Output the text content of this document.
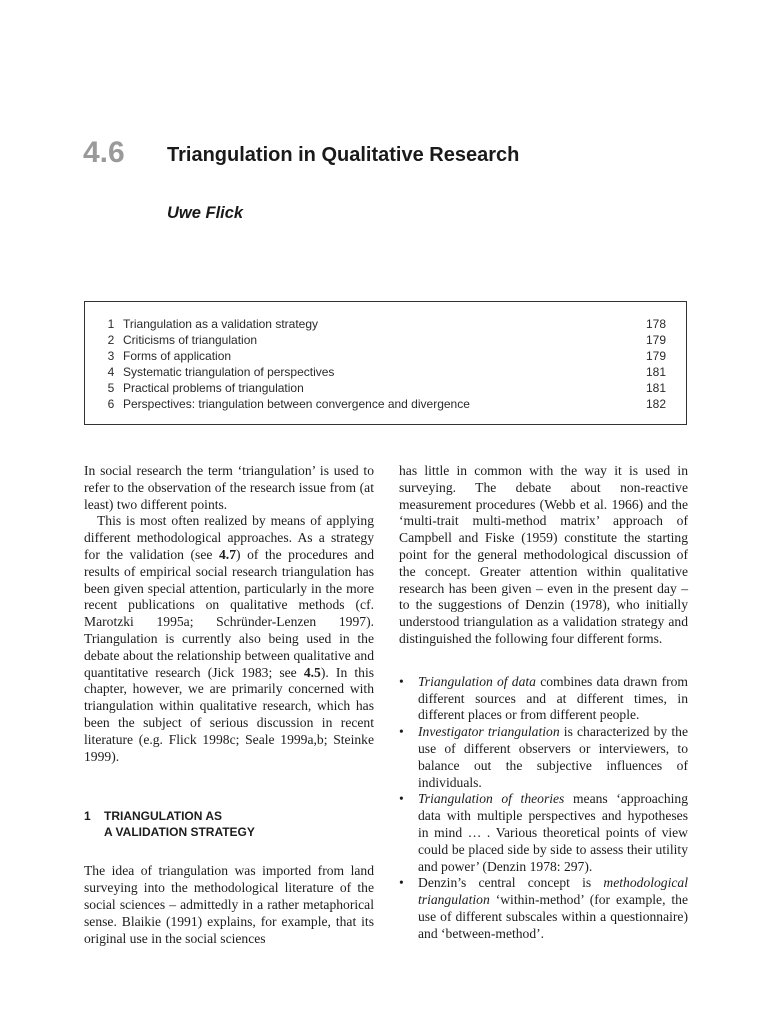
4.6 Triangulation in Qualitative Research
Uwe Flick
1 Triangulation as a validation strategy	178
2 Criticisms of triangulation	179
3 Forms of application	179
4 Systematic triangulation of perspectives	181
5 Practical problems of triangulation	181
6 Perspectives: triangulation between convergence and divergence	182

In social research the term ‘triangulation’ is used to refer to the observation of the research issue from (at least) two different points.

This is most often realized by means of applying different methodological approaches. As a strategy for the validation (see 4.7) of the procedures and results of empirical social research triangulation has been given special attention, particularly in the more recent publications on qualitative methods (cf. Marotzki 1995a; Schründer-Lenzen 1997). Triangulation is currently also being used in the debate about the relationship between qualitative and quantitative research (Jick 1983; see 4.5). In this chapter, however, we are primarily concerned with triangulation within qualitative research, which has been the subject of serious discussion in recent literature (e.g. Flick 1998c; Seale 1999a,b; Steinke 1999).

1 TRIANGULATION AS
A VALIDATION STRATEGY

The idea of triangulation was imported from land surveying into the methodological literature of the social sciences – admittedly in a rather metaphorical sense. Blaikie (1991) explains, for example, that its original use in the social sciences

has little in common with the way it is used in surveying. The debate about non-reactive measurement procedures (Webb et al. 1966) and the ‘multi-trait multi-method matrix’ approach of Campbell and Fiske (1959) constitute the starting point for the general methodological discussion of the concept. Greater attention within qualitative research has been given – even in the present day – to the suggestions of Denzin (1978), who initially understood triangulation as a validation strategy and distinguished the following four different forms.

• Triangulation of data combines data drawn from different sources and at different times, in different places or from different people.
• Investigator triangulation is characterized by the use of different observers or interviewers, to balance out the subjective influences of individuals.
• Triangulation of theories means ‘approaching data with multiple perspectives and hypotheses in mind … . Various theoretical points of view could be placed side by side to assess their utility and power’ (Denzin 1978: 297).
• Denzin’s central concept is methodological triangulation ‘within-method’ (for example, the use of different subscales within a questionnaire) and ‘between-method’.
